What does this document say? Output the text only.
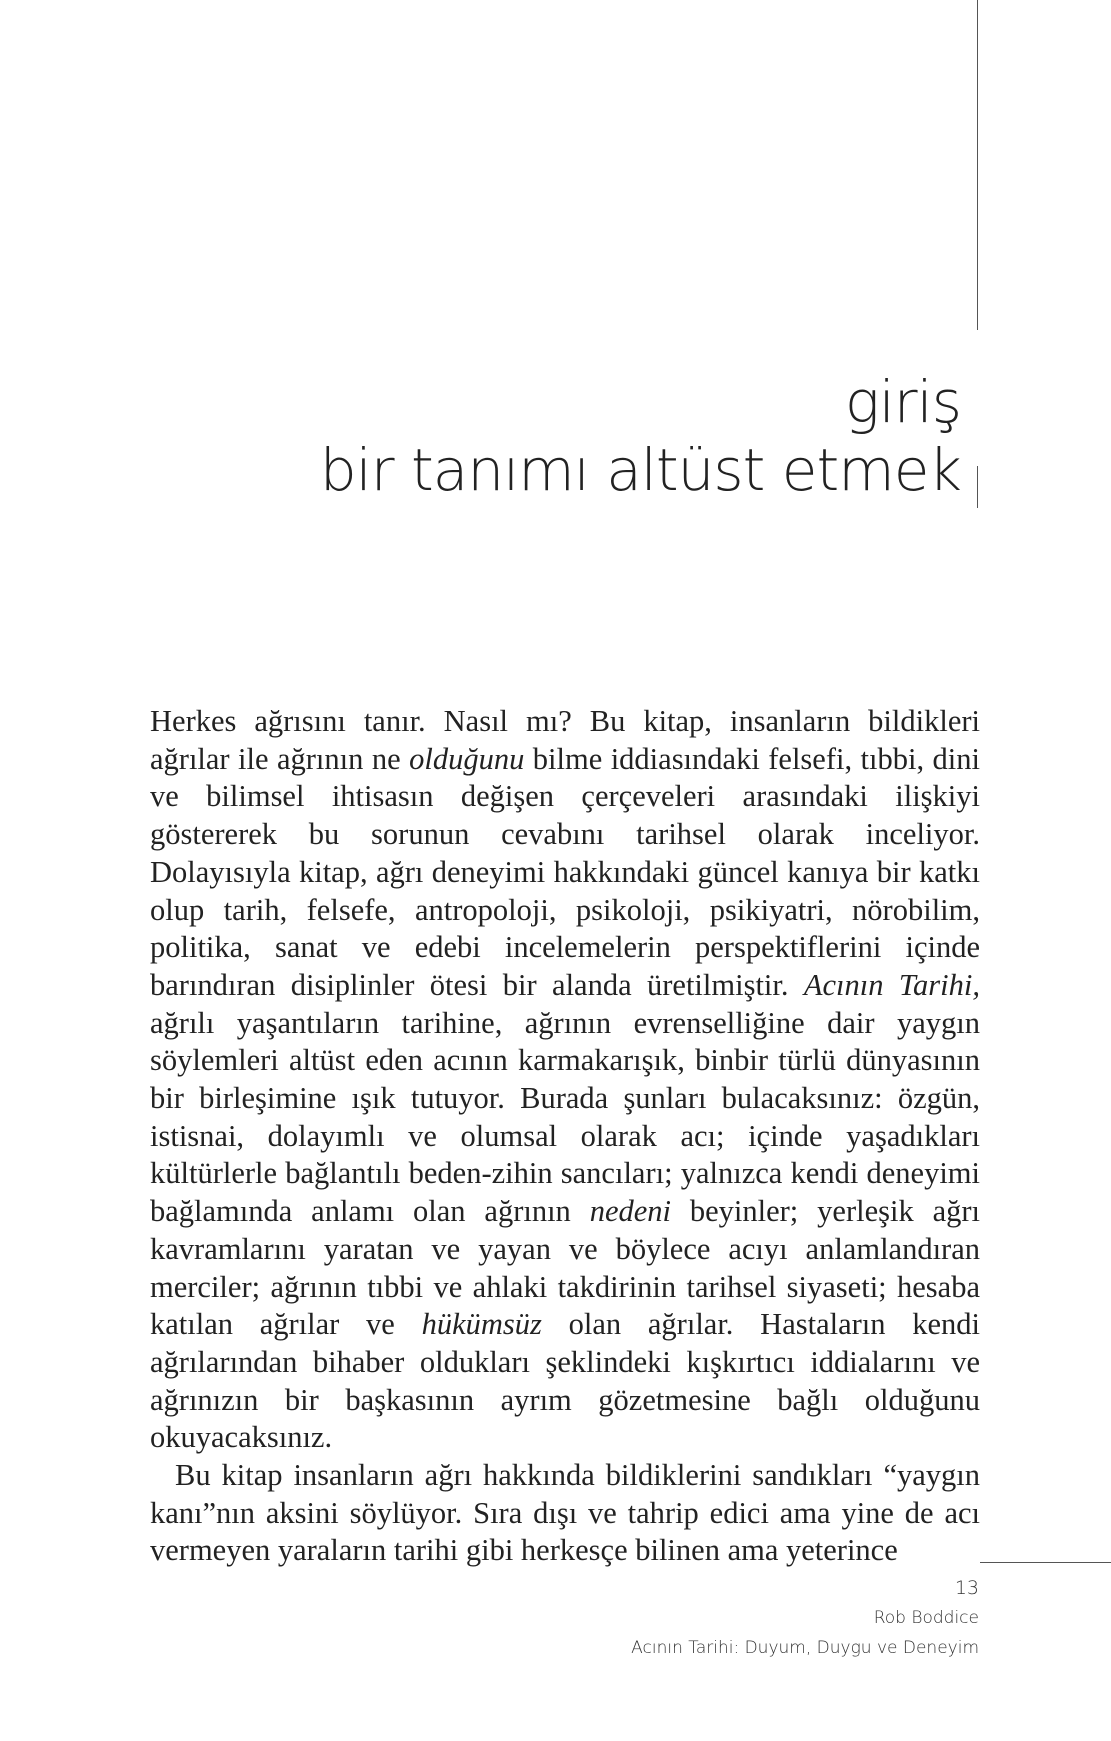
giriş
bir tanımı altüst etmek

Herkes ağrısını tanır. Nasıl mı? Bu kitap, insanların bildikleri ağrılar ile ağrının ne olduğunu bilme iddiasındaki felsefi, tıbbi, dini ve bilimsel ihtisasın değişen çerçeveleri arasındaki ilişkiyi göstererek bu sorunun cevabını tarihsel olarak inceliyor. Dolayısıyla kitap, ağrı deneyimi hakkındaki güncel kanıya bir katkı olup tarih, felsefe, antropoloji, psikoloji, psikiyatri, nörobilim, politika, sanat ve edebi incelemelerin perspektiflerini içinde barındıran disiplinler ötesi bir alanda üretilmiştir. Acının Tarihi, ağrılı yaşantıların tarihine, ağrının evrenselliğine dair yaygın söylemleri altüst eden acının karmakarışık, binbir türlü dünyasının bir birleşimine ışık tutuyor. Burada şunları bulacaksınız: özgün, istisnai, dolayımlı ve olumsal olarak acı; içinde yaşadıkları kültürlerle bağlantılı beden-zihin sancıları; yalnızca kendi deneyimi bağlamında anlamı olan ağrının nedeni beyinler; yerleşik ağrı kavramlarını yaratan ve yayan ve böylece acıyı anlamlandıran merciler; ağrının tıbbi ve ahlaki takdirinin tarihsel siyaseti; hesaba katılan ağrılar ve hükümsüz olan ağrılar. Hastaların kendi ağrılarından bihaber oldukları şeklindeki kışkırtıcı iddialarını ve ağrınızın bir başkasının ayrım gözetmesine bağlı olduğunu okuyacaksınız.

Bu kitap insanların ağrı hakkında bildiklerini sandıkları “yaygın kanı”nın aksini söylüyor. Sıra dışı ve tahrip edici ama yine de acı vermeyen yaraların tarihi gibi herkesçe bilinen ama yeterince

13
Rob Boddice
Acının Tarihi: Duyum, Duygu ve Deneyim
